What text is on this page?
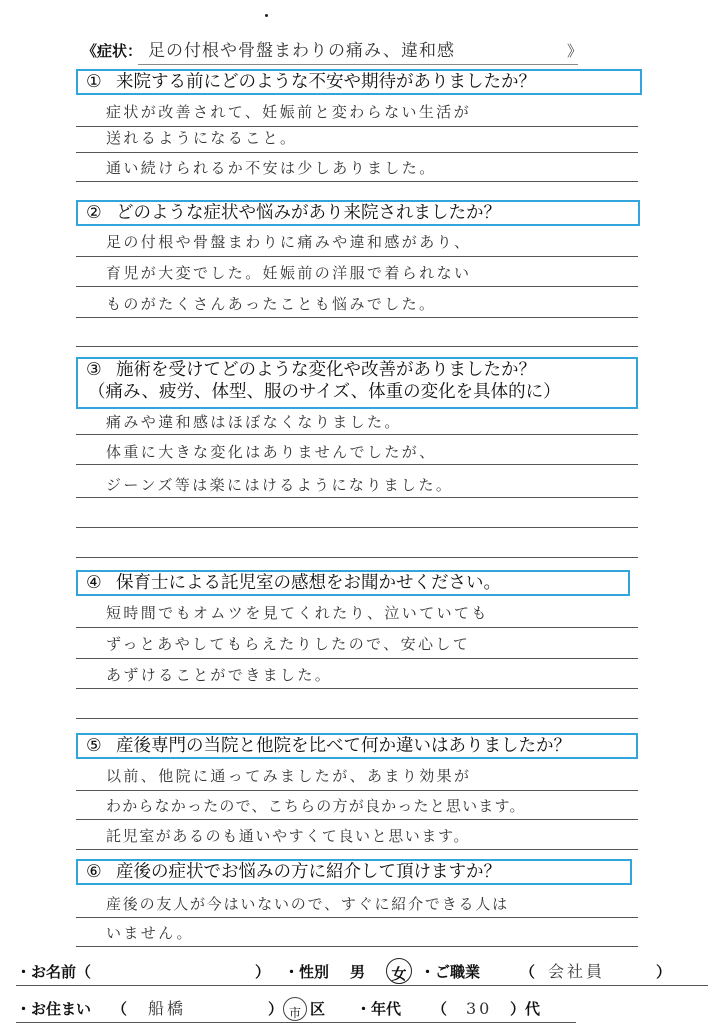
《症状： 足の付根や骨盤まわりの痛み、違和感	》
① 来院する前にどのような不安や期待がありましたか？
症状が改善されて、妊娠前と変わらない生活が
送れるようになること。
通い続けられるか不安は少しありました。
② どのような症状や悩みがあり来院されましたか？
足の付根や骨盤まわりに痛みや違和感があり、
育児が大変でした。妊娠前の洋服で着られない
ものがたくさんあったことも悩みでした。
③ 施術を受けてどのような変化や改善がありましたか？
（痛み、疲労、体型、服のサイズ、体重の変化を具体的に）
痛みや違和感はほぼなくなりました。
体重に大きな変化はありませんでしたが、
ジーンズ等は楽にはけるようになりました。
④ 保育士による託児室の感想をお聞かせください。
短時間でもオムツを見てくれたり、泣いていても
ずっとあやしてもらえたりしたので、安心して
あずけることができました。
⑤ 産後専門の当院と他院を比べて何か違いはありましたか？
以前、他院に通ってみましたが、あまり効果が
わからなかったので、こちらの方が良かったと思います。
託児室があるのも通いやすくて良いと思います。
⑥ 産後の症状でお悩みの方に紹介して頂けますか？
産後の友人が今はいないので、すぐに紹介できる人は
いません。
・お名前（	） ・性別 男	女 ・ご職業	（ 会社員	）
・お住まい （ 船橋	） 市 区 ・年代 （ 30 ）代
